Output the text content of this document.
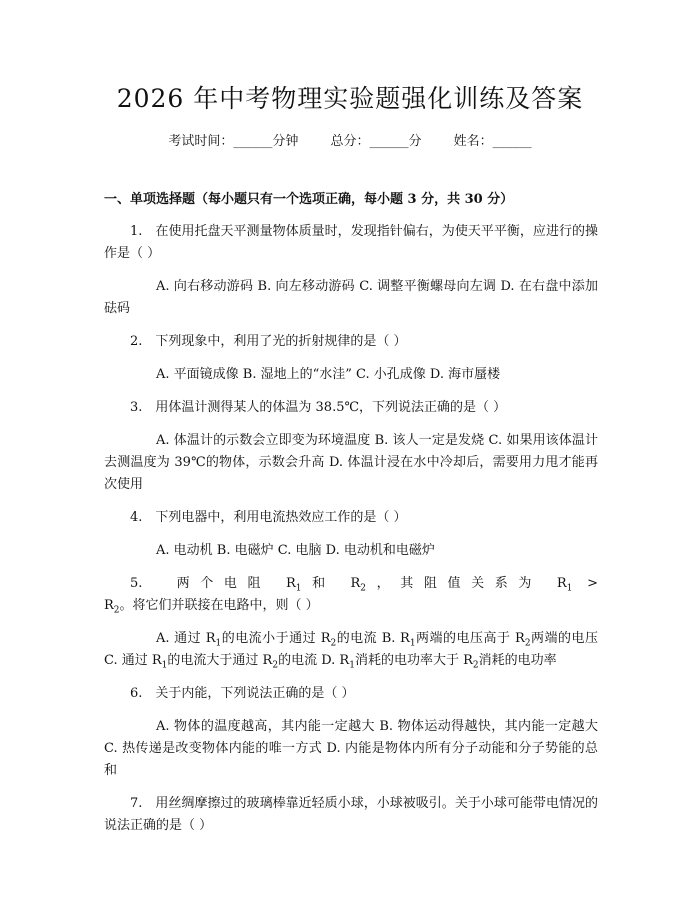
2026 年中考物理实验题强化训练及答案
考试时间：______分钟 总分：______分 姓名：______
一、单项选择题（每小题只有一个选项正确，每小题 3 分，共 30 分）

1.　在使用托盘天平测量物体质量时，发现指针偏右，为使天平平衡，应进行的操作是（ ）

A. 向右移动游码 B. 向左移动游码 C. 调整平衡螺母向左调 D. 在右盘中添加砝码

2.　下列现象中，利用了光的折射规律的是（ ）

A. 平面镜成像 B. 湿地上的“水洼” C. 小孔成像 D. 海市蜃楼

3.　用体温计测得某人的体温为 38.5℃，下列说法正确的是（ ）

A. 体温计的示数会立即变为环境温度 B. 该人一定是发烧 C. 如果用该体温计去测温度为 39℃的物体，示数会升高 D. 体温计浸在水中冷却后，需要用力甩才能再次使用

4.　下列电器中，利用电流热效应工作的是（ ）

A. 电动机 B. 电磁炉 C. 电脑 D. 电动机和电磁炉

5.　两个电阻 $R_1$和 $R_2$，其阻值关系为 $R_1 > R_2$。将它们并联接在电路中，则（ ）

A. 通过 $R_1$的电流小于通过 $R_2$的电流 B. $R_1$两端的电压高于 $R_2$两端的电压 C. 通过 $R_1$的电流大于通过 $R_2$的电流 D. $R_1$消耗的电功率大于 $R_2$消耗的电功率

6.　关于内能，下列说法正确的是（ ）

A. 物体的温度越高，其内能一定越大 B. 物体运动得越快，其内能一定越大 C. 热传递是改变物体内能的唯一方式 D. 内能是物体内所有分子动能和分子势能的总和

7.　用丝绸摩擦过的玻璃棒靠近轻质小球，小球被吸引。关于小球可能带电情况的说法正确的是（ ）
